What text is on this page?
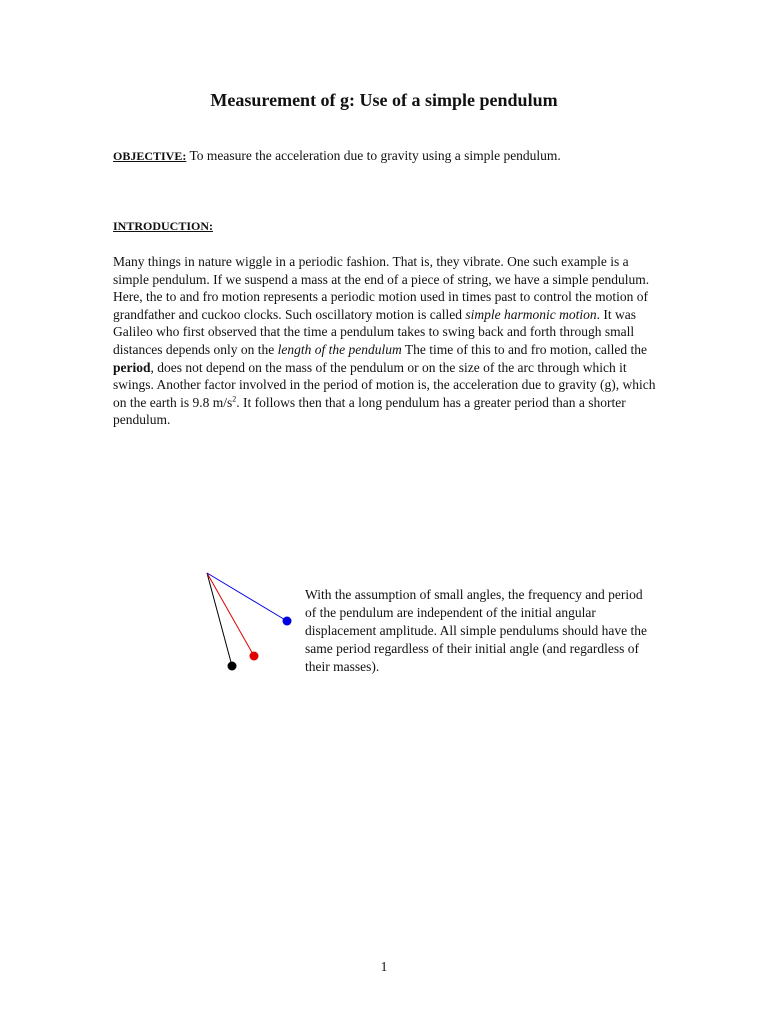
Measurement of g: Use of a simple pendulum
OBJECTIVE: To measure the acceleration due to gravity using a simple pendulum.
INTRODUCTION:
Many things in nature wiggle in a periodic fashion. That is, they vibrate. One such example is a simple pendulum. If we suspend a mass at the end of a piece of string, we have a simple pendulum. Here, the to and fro motion represents a periodic motion used in times past to control the motion of grandfather and cuckoo clocks. Such oscillatory motion is called simple harmonic motion. It was Galileo who first observed that the time a pendulum takes to swing back and forth through small distances depends only on the length of the pendulum The time of this to and fro motion, called the period, does not depend on the mass of the pendulum or on the size of the arc through which it swings. Another factor involved in the period of motion is, the acceleration due to gravity (g), which on the earth is 9.8 $m/s^2$. It follows then that a long pendulum has a greater period than a shorter pendulum.
With the assumption of small angles, the frequency and period of the pendulum are independent of the initial angular displacement amplitude. All simple pendulums should have the same period regardless of their initial angle (and regardless of their masses).
1
